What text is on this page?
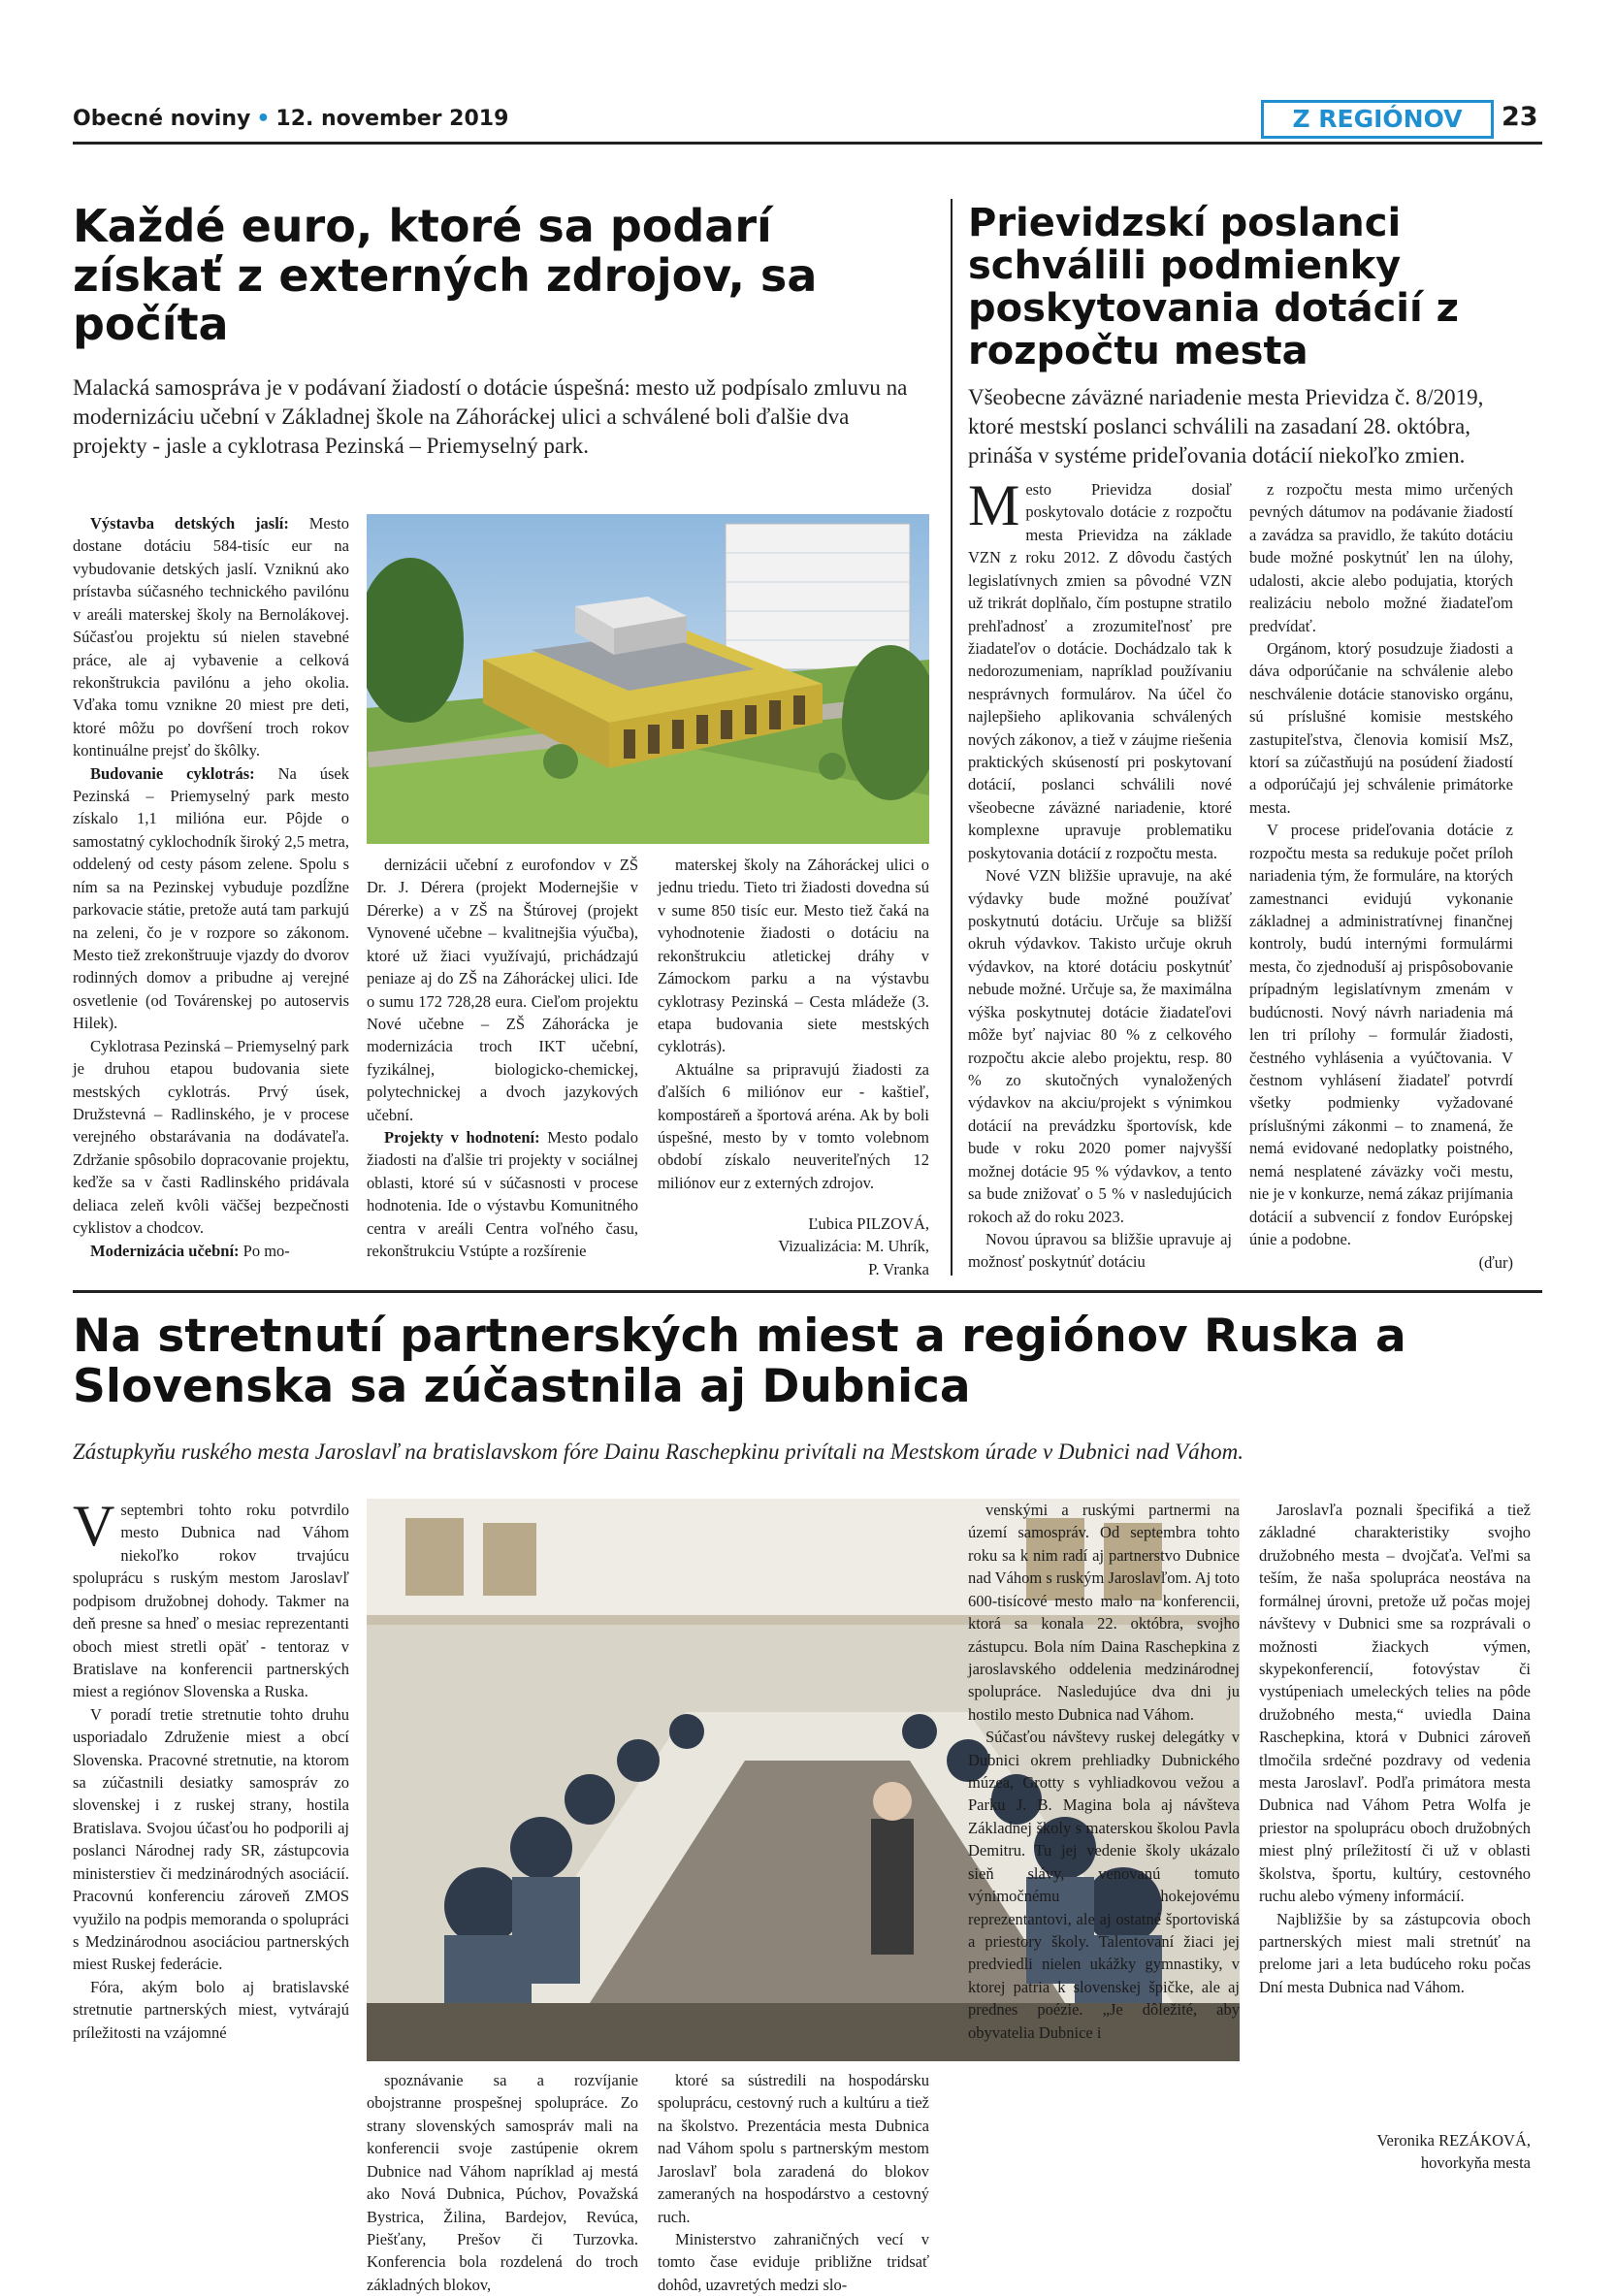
Obecné noviny • 12. november 2019	Z REGIÓNOV	23
Každé euro, ktoré sa podarí získať z externých zdrojov, sa počíta
Malacká samospráva je v podávaní žiadostí o dotácie úspešná: mesto už podpísalo zmluvu na modernizáciu učební v Základnej škole na Záhoráckej ulici a schválené boli ďalšie dva projekty - jasle a cyklotrasa Pezinská – Priemyselný park.

Výstavba detských jaslí: Mesto dostane dotáciu 584-tisíc eur na vybudovanie detských jaslí. Vzniknú ako prístavba súčasného technického pavilónu v areáli materskej školy na Bernolákovej. Súčasťou projektu sú nielen stavebné práce, ale aj vybavenie a celková rekonštrukcia pavilónu a jeho okolia. Vďaka tomu vznikne 20 miest pre deti, ktoré môžu po dovŕšení troch rokov kontinuálne prejsť do škôlky.

Budovanie cyklotrás: Na úsek Pezinská – Priemyselný park mesto získalo 1,1 milióna eur. Pôjde o samostatný cyklochodník široký 2,5 metra, oddelený od cesty pásom zelene. Spolu s ním sa na Pezinskej vybuduje pozdĺžne parkovacie státie, pretože autá tam parkujú na zeleni, čo je v rozpore so zákonom. Mesto tiež zrekonštruuje vjazdy do dvorov rodinných domov a pribudne aj verejné osvetlenie (od Továrenskej po autoservis Hilek).

Cyklotrasa Pezinská – Priemyselný park je druhou etapou budovania siete mestských cyklotrás. Prvý úsek, Družstevná – Radlinského, je v procese verejného obstarávania na dodávateľa. Zdržanie spôsobilo dopracovanie projektu, keďže sa v časti Radlinského pridávala deliaca zeleň kvôli väčšej bezpečnosti cyklistov a chodcov.

Modernizácia učební: Po mo-

dernizácii učební z eurofondov v ZŠ Dr. J. Dérera (projekt Modernejšie v Dérerke) a v ZŠ na Štúrovej (projekt Vynovené učebne – kvalitnejšia výučba), ktoré už žiaci využívajú, prichádzajú peniaze aj do ZŠ na Záhoráckej ulici. Ide o sumu 172 728,28 eura. Cieľom projektu Nové učebne – ZŠ Záhorácka je modernizácia troch IKT učební, fyzikálnej, biologicko-chemickej, polytechnickej a dvoch jazykových učební.

Projekty v hodnotení: Mesto podalo žiadosti na ďalšie tri projekty v sociálnej oblasti, ktoré sú v súčasnosti v procese hodnotenia. Ide o výstavbu Komunitného centra v areáli Centra voľného času, rekonštrukciu Vstúpte a rozšírenie

materskej školy na Záhoráckej ulici o jednu triedu. Tieto tri žiadosti dovedna sú v sume 850 tisíc eur. Mesto tiež čaká na vyhodnotenie žiadosti o dotáciu na rekonštrukciu atletickej dráhy v Zámockom parku a na výstavbu cyklotrasy Pezinská – Cesta mládeže (3. etapa budovania siete mestských cyklotrás).

Aktuálne sa pripravujú žiadosti za ďalších 6 miliónov eur - kaštieľ, kompostáreň a športová aréna. Ak by boli úspešné, mesto by v tomto volebnom období získalo neuveriteľných 12 miliónov eur z externých zdrojov.

Ľubica PILZOVÁ,

Vizualizácia: M. Uhrík,

P. Vranka

Prievidzskí poslanci schválili podmienky poskytovania dotácií z rozpočtu mesta
Všeobecne záväzné nariadenie mesta Prievidza č. 8/2019, ktoré mestskí poslanci schválili na zasadaní 28. októbra, prináša v systéme prideľovania dotácií niekoľko zmien.

Mesto Prievidza dosiaľ poskytovalo dotácie z rozpočtu mesta Prievidza na základe VZN z roku 2012. Z dôvodu častých legislatívnych zmien sa pôvodné VZN už trikrát doplňalo, čím postupne stratilo prehľadnosť a zrozumiteľnosť pre žiadateľov o dotácie. Dochádzalo tak k nedorozumeniam, napríklad používaniu nesprávnych formulárov. Na účel čo najlepšieho aplikovania schválených nových zákonov, a tiež v záujme riešenia praktických skúseností pri poskytovaní dotácií, poslanci schválili nové všeobecne záväzné nariadenie, ktoré komplexne upravuje problematiku poskytovania dotácií z rozpočtu mesta.

Nové VZN bližšie upravuje, na aké výdavky bude možné používať poskytnutú dotáciu. Určuje sa bližší okruh výdavkov. Takisto určuje okruh výdavkov, na ktoré dotáciu poskytnúť nebude možné. Určuje sa, že maximálna výška poskytnutej dotácie žiadateľovi môže byť najviac 80 % z celkového rozpočtu akcie alebo projektu, resp. 80 % zo skutočných vynaložených výdavkov na akciu/projekt s výnimkou dotácií na prevádzku športovísk, kde bude v roku 2020 pomer najvyšší možnej dotácie 95 % výdavkov, a tento sa bude znižovať o 5 % v nasledujúcich rokoch až do roku 2023.

Novou úpravou sa bližšie upravuje aj možnosť poskytnúť dotáciu

z rozpočtu mesta mimo určených pevných dátumov na podávanie žiadostí a zavádza sa pravidlo, že takúto dotáciu bude možné poskytnúť len na úlohy, udalosti, akcie alebo podujatia, ktorých realizáciu nebolo možné žiadateľom predvídať.

Orgánom, ktorý posudzuje žiadosti a dáva odporúčanie na schválenie alebo neschválenie dotácie stanovisko orgánu, sú príslušné komisie mestského zastupiteľstva, členovia komisií MsZ, ktorí sa zúčastňujú na posúdení žiadostí a odporúčajú jej schválenie primátorke mesta.

V procese prideľovania dotácie z rozpočtu mesta sa redukuje počet príloh nariadenia tým, že formuláre, na ktorých zamestnanci evidujú vykonanie základnej a administratívnej finančnej kontroly, budú internými formulármi mesta, čo zjednoduší aj prispôsobovanie prípadným legislatívnym zmenám v budúcnosti. Nový návrh nariadenia má len tri prílohy – formulár žiadosti, čestného vyhlásenia a vyúčtovania. V čestnom vyhlásení žiadateľ potvrdí všetky podmienky vyžadované príslušnými zákonmi – to znamená, že nemá evidované nedoplatky poistného, nemá nesplatené záväzky voči mestu, nie je v konkurze, nemá zákaz prijímania dotácií a subvencií z fondov Európskej únie a podobne.

(ďur)

Na stretnutí partnerských miest a regiónov Ruska a Slovenska sa zúčastnila aj Dubnica
Zástupkyňu ruského mesta Jaroslavľ na bratislavskom fóre Dainu Raschepkinu privítali na Mestskom úrade v Dubnici nad Váhom.

Vseptembri tohto roku potvrdilo mesto Dubnica nad Váhom niekoľko rokov trvajúcu spoluprácu s ruským mestom Jaroslavľ podpisom družobnej dohody. Takmer na deň presne sa hneď o mesiac reprezentanti oboch miest stretli opäť - tentoraz v Bratislave na konferencii partnerských miest a regiónov Slovenska a Ruska.

V poradí tretie stretnutie tohto druhu usporiadalo Združenie miest a obcí Slovenska. Pracovné stretnutie, na ktorom sa zúčastnili desiatky samospráv zo slovenskej i z ruskej strany, hostila Bratislava. Svojou účasťou ho podporili aj poslanci Národnej rady SR, zástupcovia ministerstiev či medzinárodných asociácií. Pracovnú konferenciu zároveň ZMOS využilo na podpis memoranda o spolupráci s Medzinárodnou asociáciou partnerských miest Ruskej federácie.

Fóra, akým bolo aj bratislavské stretnutie partnerských miest, vytvárajú príležitosti na vzájomné

spoznávanie sa a rozvíjanie obojstranne prospešnej spolupráce. Zo strany slovenských samospráv mali na konferencii svoje zastúpenie okrem Dubnice nad Váhom napríklad aj mestá ako Nová Dubnica, Púchov, Považská Bystrica, Žilina, Bardejov, Revúca, Piešťany, Prešov či Turzovka. Konferencia bola rozdelená do troch základných blokov,

ktoré sa sústredili na hospodársku spoluprácu, cestovný ruch a kultúru a tiež na školstvo. Prezentácia mesta Dubnica nad Váhom spolu s partnerským mestom Jaroslavľ bola zaradená do blokov zameraných na hospodárstvo a cestovný ruch.

Ministerstvo zahraničných vecí v tomto čase eviduje približne tridsať dohôd, uzavretých medzi slo-

venskými a ruskými partnermi na území samospráv. Od septembra tohto roku sa k nim radí aj partnerstvo Dubnice nad Váhom s ruským Jaroslavľom. Aj toto 600-tisícové mesto malo na konferencii, ktorá sa konala 22. októbra, svojho zástupcu. Bola ním Daina Raschepkina z jaroslavského oddelenia medzinárodnej spolupráce. Nasledujúce dva dni ju hostilo mesto Dubnica nad Váhom.

Súčasťou návštevy ruskej delegátky v Dubnici okrem prehliadky Dubnického múzea, Grotty s vyhliadkovou vežou a Parku J. B. Magina bola aj návšteva Základnej školy s materskou školou Pavla Demitru. Tu jej vedenie školy ukázalo sieň slávy, venovanú tomuto výnimočnému hokejovému reprezentantovi, ale aj ostatné športoviská a priestory školy. Talentovaní žiaci jej predviedli nielen ukážky gymnastiky, v ktorej patria k slovenskej špičke, ale aj prednes poézie. „Je dôležité, aby obyvatelia Dubnice i

Jaroslavľa poznali špecifiká a tiež základné charakteristiky svojho družobného mesta – dvojčaťa. Veľmi sa teším, že naša spolupráca neostáva na formálnej úrovni, pretože už počas mojej návštevy v Dubnici sme sa rozprávali o možnosti žiackych výmen, skypekonferencií, fotovýstav či vystúpeniach umeleckých telies na pôde družobného mesta,“ uviedla Daina Raschepkina, ktorá v Dubnici zároveň tlmočila srdečné pozdravy od vedenia mesta Jaroslavľ. Podľa primátora mesta Dubnica nad Váhom Petra Wolfa je priestor na spoluprácu oboch družobných miest plný príležitostí či už v oblasti školstva, športu, kultúry, cestovného ruchu alebo výmeny informácií.

Najbližšie by sa zástupcovia oboch partnerských miest mali stretnúť na prelome jari a leta budúceho roku počas Dní mesta Dubnica nad Váhom.

Veronika REZÁKOVÁ,

hovorkyňa mesta
